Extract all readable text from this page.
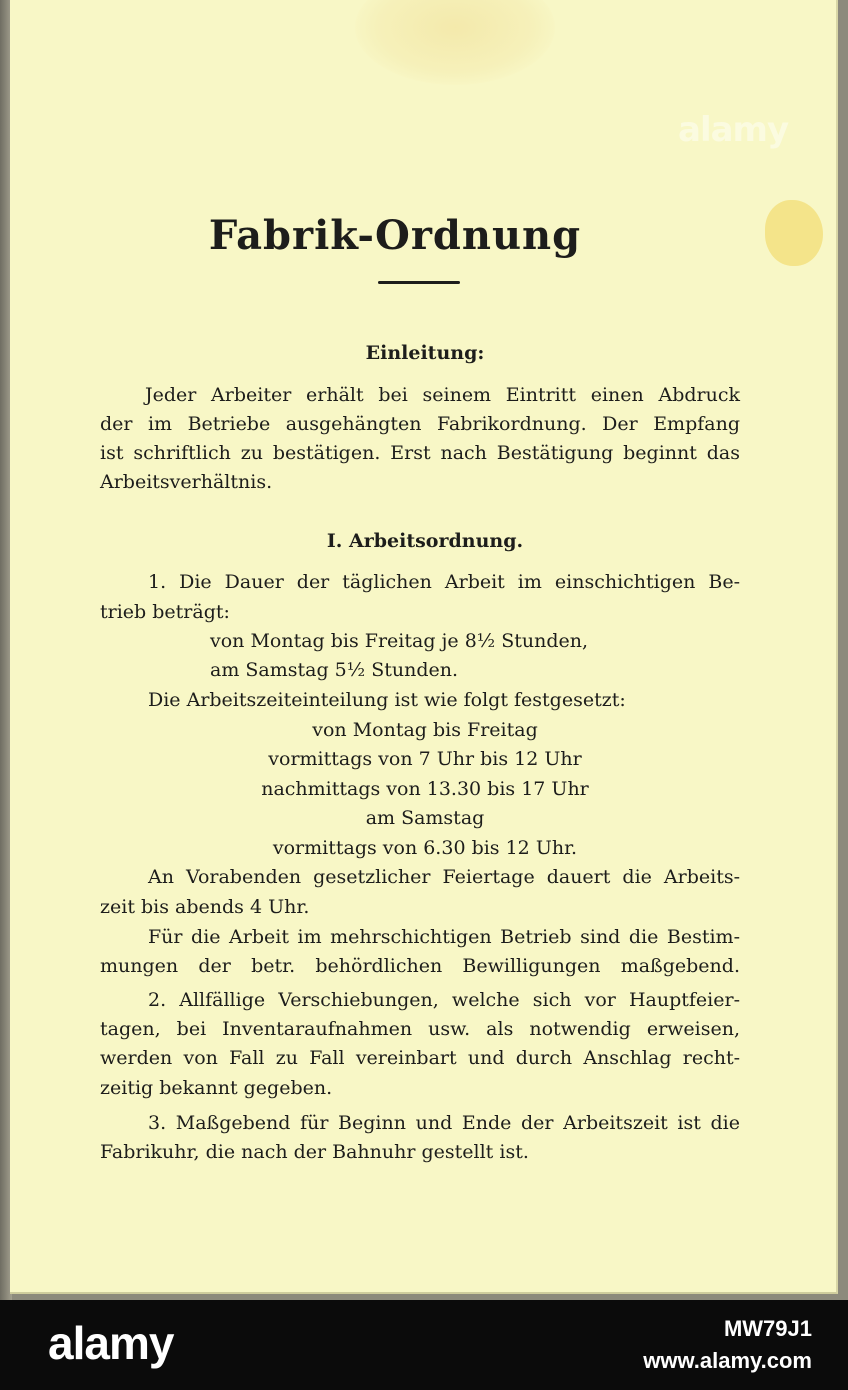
alamy
Fabrik-Ordnung
Einleitung:
Jeder Arbeiter erhält bei seinem Eintritt einen Abdruck
der im Betriebe ausgehängten Fabrikordnung. Der Empfang
ist schriftlich zu bestätigen. Erst nach Bestätigung beginnt das
Arbeitsverhältnis.
I. Arbeitsordnung.
1. Die Dauer der täglichen Arbeit im einschichtigen Be-
trieb beträgt:
von Montag bis Freitag je 8½ Stunden,
am Samstag 5½ Stunden.
Die Arbeitszeiteinteilung ist wie folgt festgesetzt:
von Montag bis Freitag
vormittags von 7 Uhr bis 12 Uhr
nachmittags von 13.30 bis 17 Uhr
am Samstag
vormittags von 6.30 bis 12 Uhr.
An Vorabenden gesetzlicher Feiertage dauert die Arbeits-
zeit bis abends 4 Uhr.
Für die Arbeit im mehrschichtigen Betrieb sind die Bestim-
mungen der betr. behördlichen Bewilligungen maßgebend.
2. Allfällige Verschiebungen, welche sich vor Hauptfeier-
tagen, bei Inventaraufnahmen usw. als notwendig erweisen,
werden von Fall zu Fall vereinbart und durch Anschlag recht-
zeitig bekannt gegeben.
3. Maßgebend für Beginn und Ende der Arbeitszeit ist die
Fabrikuhr, die nach der Bahnuhr gestellt ist.
alamy	MW79J1
www.alamy.com
